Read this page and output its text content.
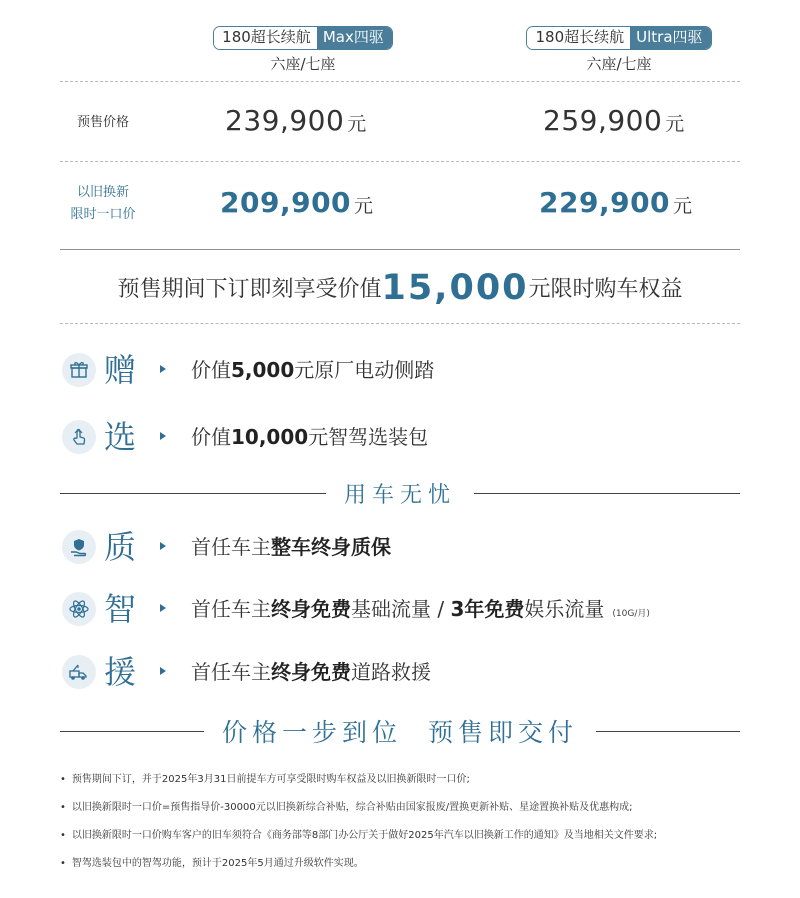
180超长续航 Max四驱
六座/七座
180超长续航 Ultra四驱
六座/七座
预售价格	239,900 元	259,900 元
以旧换新
限时一口价	209,900 元	229,900 元
预售期间下订即刻享受价值15,000元限时购车权益
赠	价值5,000元原厂电动侧踏
选	价值10,000元智驾选装包
用车无忧
质	首任车主整车终身质保
智	首任车主终身免费基础流量 / 3年免费娱乐流量 (10G/月)
援	首任车主终身免费道路救援
价格一步到位  预售即交付
• 预售期间下订，并于2025年3月31日前提车方可享受限时购车权益及以旧换新限时一口价;
• 以旧换新限时一口价=预售指导价-30000元以旧换新综合补贴，综合补贴由国家报废/置换更新补贴、星途置换补贴及优惠构成;
• 以旧换新限时一口价购车客户的旧车须符合《商务部等8部门办公厅关于做好2025年汽车以旧换新工作的通知》及当地相关文件要求;
• 智驾选装包中的智驾功能，预计于2025年5月通过升级软件实现。
